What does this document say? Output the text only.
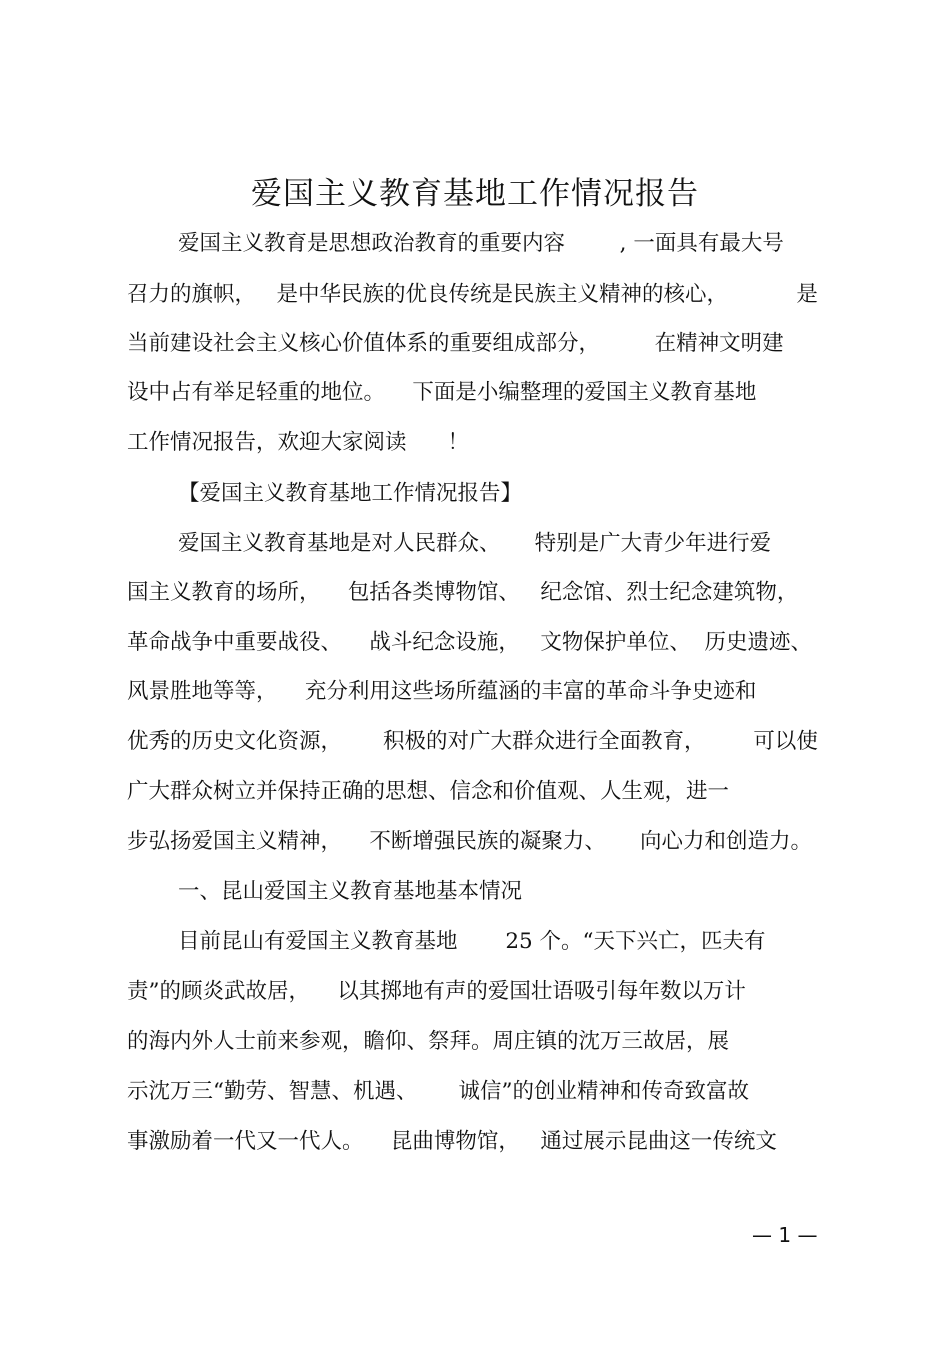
爱国主义教育基地工作情况报告
爱国主义教育是思想政治教育的重要内容        , 一面具有最大号
召力的旗帜，   是中华民族的优良传统是民族主义精神的核心，          是
当前建设社会主义核心价值体系的重要组成部分，        在精神文明建
设中占有举足轻重的地位。    下面是小编整理的爱国主义教育基地
工作情况报告，欢迎大家阅读      ！
【爱国主义教育基地工作情况报告】
爱国主义教育基地是对人民群众、     特别是广大青少年进行爱
国主义教育的场所，    包括各类博物馆、   纪念馆、烈士纪念建筑物，
革命战争中重要战役、    战斗纪念设施，   文物保护单位、  历史遗迹、
风景胜地等等，    充分利用这些场所蕴涵的丰富的革命斗争史迹和
优秀的历史文化资源，      积极的对广大群众进行全面教育，       可以使
广大群众树立并保持正确的思想、信念和价值观、人生观，进一
步弘扬爱国主义精神，    不断增强民族的凝聚力、     向心力和创造力。
一、昆山爱国主义教育基地基本情况
目前昆山有爱国主义教育基地       25 个。“天下兴亡，匹夫有
责”的顾炎武故居，    以其掷地有声的爱国壮语吸引每年数以万计
的海内外人士前来参观，瞻仰、祭拜。周庄镇的沈万三故居，展
示沈万三“勤劳、智慧、机遇、      诚信”的创业精神和传奇致富故
事激励着一代又一代人。    昆曲博物馆，   通过展示昆曲这一传统文
— 1 —
